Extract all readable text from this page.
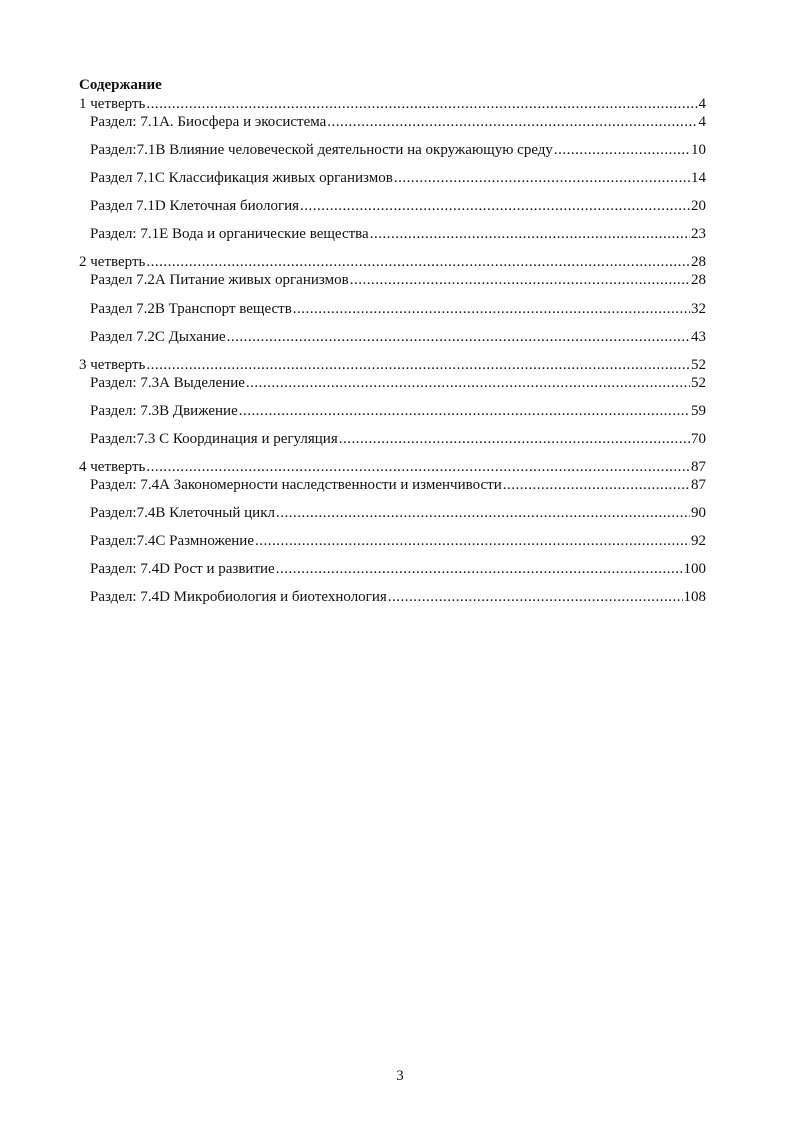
Содержание
1 четверть .....	4
Раздел: 7.1А. Биосфера и экосистема .....	4
Раздел:7.1В Влияние человеческой деятельности на окружающую среду .....	10
Раздел 7.1С Классификация живых организмов .....	14
Раздел 7.1D Клеточная биология .....	20
Раздел: 7.1Е Вода и органические вещества .....	23
2 четверть .....	28
Раздел 7.2А Питание живых организмов .....	28
Раздел 7.2В Транспорт веществ .....	32
Раздел 7.2С Дыхание .....	43
3 четверть .....	52
Раздел: 7.3А Выделение .....	52
Раздел: 7.3В Движение .....	59
Раздел:7.3 С Координация и регуляция .....	70
4 четверть .....	87
Раздел: 7.4А Закономерности наследственности и изменчивости .....	87
Раздел:7.4В Клеточный цикл .....	90
Раздел:7.4С Размножение .....	92
Раздел: 7.4D Рост и развитие .....	100
Раздел: 7.4D Микробиология и биотехнология .....	108
3
